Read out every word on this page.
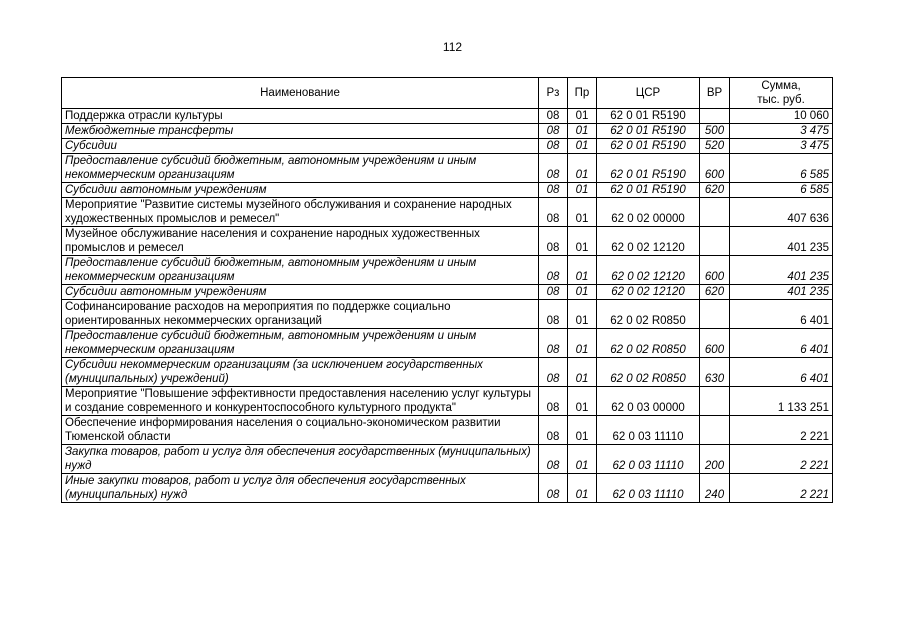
112
Наименование	Рз	Пр	ЦСР	ВР	Сумма,
тыс. руб.

Поддержка отрасли культуры	08	01	62 0 01 R5190		10 060
Межбюджетные трансферты	08	01	62 0 01 R5190	500	3 475
Субсидии	08	01	62 0 01 R5190	520	3 475
Предоставление субсидий бюджетным, автономным учреждениям и иным некоммерческим организациям	08	01	62 0 01 R5190	600	6 585
Субсидии автономным учреждениям	08	01	62 0 01 R5190	620	6 585
Мероприятие "Развитие системы музейного обслуживания и сохранение народных художественных промыслов и ремесел"	08	01	62 0 02 00000		407 636
Музейное обслуживание населения и сохранение народных художественных промыслов и ремесел	08	01	62 0 02 12120		401 235
Предоставление субсидий бюджетным, автономным учреждениям и иным некоммерческим организациям	08	01	62 0 02 12120	600	401 235
Субсидии автономным учреждениям	08	01	62 0 02 12120	620	401 235
Софинансирование расходов на мероприятия по поддержке социально ориентированных некоммерческих организаций	08	01	62 0 02 R0850		6 401
Предоставление субсидий бюджетным, автономным учреждениям и иным некоммерческим организациям	08	01	62 0 02 R0850	600	6 401
Субсидии некоммерческим организациям (за исключением государственных (муниципальных) учреждений)	08	01	62 0 02 R0850	630	6 401
Мероприятие "Повышение эффективности предоставления населению услуг культуры и создание современного и конкурентоспособного культурного продукта"	08	01	62 0 03 00000		1 133 251
Обеспечение информирования населения о социально-экономическом развитии Тюменской области	08	01	62 0 03 11110		2 221
Закупка товаров, работ и услуг для обеспечения государственных (муниципальных) нужд	08	01	62 0 03 11110	200	2 221
Иные закупки товаров, работ и услуг для обеспечения государственных (муниципальных) нужд	08	01	62 0 03 11110	240	2 221
